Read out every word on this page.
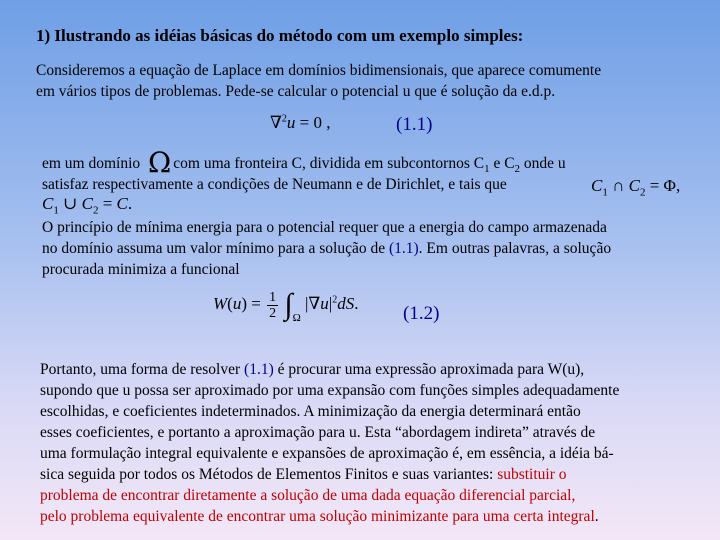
1) Ilustrando as idéias básicas do método com um exemplo simples:

Consideremos a equação de Laplace em domínios bidimensionais, que aparece comumente
em vários tipos de problemas. Pede-se calcular o potencial u que é solução da e.d.p.

∇$^2$u = 0 ,	(1.1)
em um domínio Ω com uma fronteira C, dividida em subcontornos $C_1$ e $C_2$ onde u
satisfaz respectivamente a condições de Neumann e de Dirichlet, e tais que	$C_1$ ∩ $C_2 = \Phi$,
$C_1$ ∪ $C_2 = C$.
O princípio de mínima energia para o potencial requer que a energia do campo armazenada
no domínio assuma um valor mínimo para a solução de (1.1). Em outras palavras, a solução
procurada minimiza a funcional
$W(u) = \frac{1}{2} \int_\Omega$ $|\nabla u|^2dS$. (1.2)
Portanto, uma forma de resolver (1.1) é procurar uma expressão aproximada para W(u),
supondo que u possa ser aproximado por uma expansão com funções simples adequadamente
escolhidas, e coeficientes indeterminados. A minimização da energia determinará então
esses coeficientes, e portanto a aproximação para u. Esta “abordagem indireta” através de
uma formulação integral equivalente e expansões de aproximação é, em essência, a idéia bá-
sica seguida por todos os Métodos de Elementos Finitos e suas variantes: substituir o
problema de encontrar diretamente a solução de uma dada equação diferencial parcial,
pelo problema equivalente de encontrar uma solução minimizante para uma certa integral.
